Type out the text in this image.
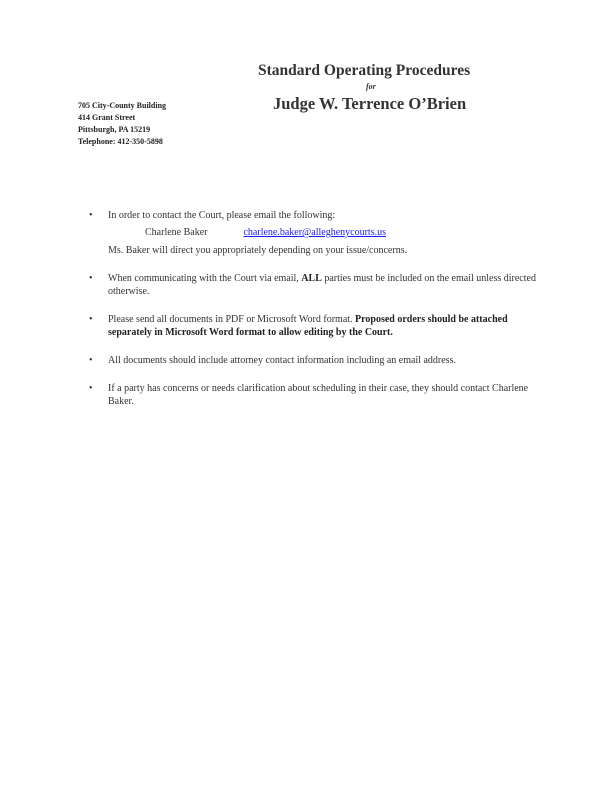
Standard Operating Procedures
for
Judge W. Terrence O’Brien
705 City-County Building
414 Grant Street
Pittsburgh, PA 15219
Telephone: 412-350-5898
• In order to contact the Court, please email the following:
Charlene Baker	charlene.baker@alleghenycourts.us
Ms. Baker will direct you appropriately depending on your issue/concerns.
• When communicating with the Court via email, ALL parties must be included on the email unless directed otherwise.
• Please send all documents in PDF or Microsoft Word format. Proposed orders should be attached separately in Microsoft Word format to allow editing by the Court.
• All documents should include attorney contact information including an email address.
• If a party has concerns or needs clarification about scheduling in their case, they should contact Charlene Baker.
